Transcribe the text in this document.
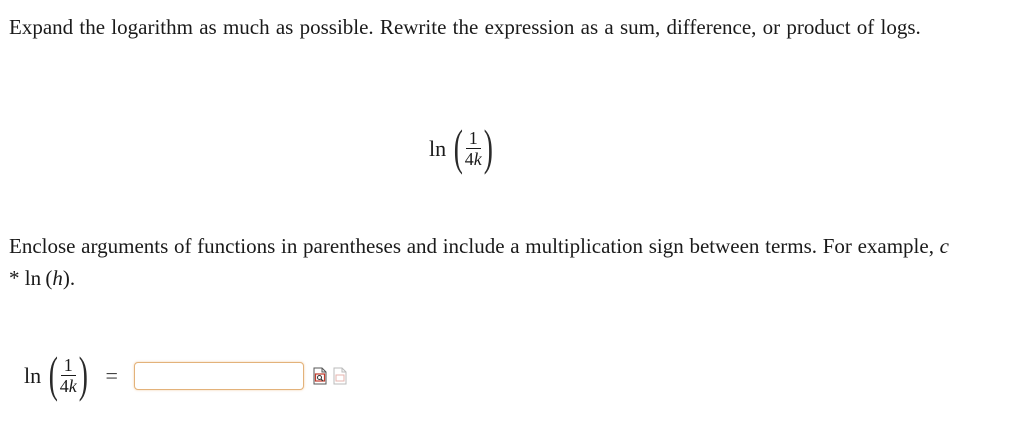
Expand the logarithm as much as possible. Rewrite the expression as a sum, difference, or product of logs.
ln ( $\frac{1}{4k}$ )
Enclose arguments of functions in parentheses and include a multiplication sign between terms. For example, c * ln  (h).
ln ( $\frac{1}{4k}$ ) =
